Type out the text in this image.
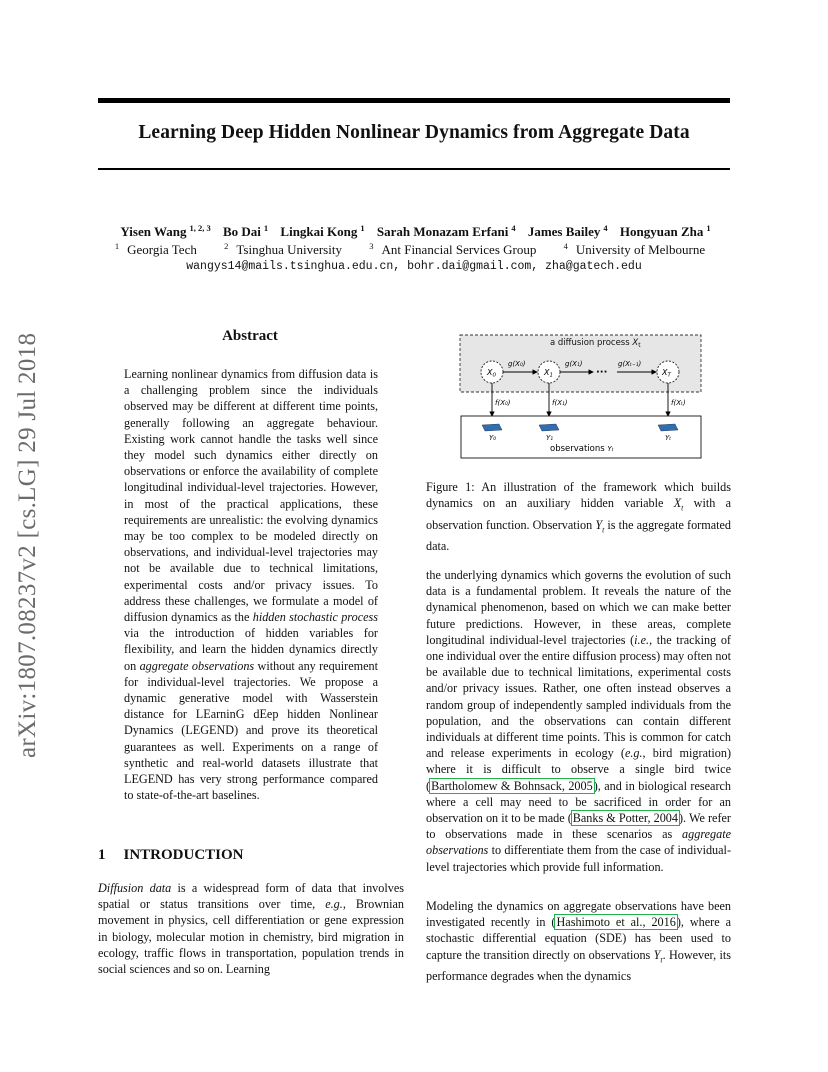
Learning Deep Hidden Nonlinear Dynamics from Aggregate Data
Yisen Wang $^{1, 2, 3}$ Bo Dai $^1$ Lingkai Kong $^1$ Sarah Monazam Erfani $^4$ James Bailey $^4$ Hongyuan Zha $^1$
$^1$ Georgia Tech	$^2$ Tsinghua University	$^3$ Ant Financial Services Group	$^4$ University of Melbourne
wangys14@mails.tsinghua.edu.cn, bohr.dai@gmail.com, zha@gatech.edu
arXiv:1807.08237v2 [cs.LG] 29 Jul 2018	Abstract

Learning nonlinear dynamics from diffusion data is a challenging problem since the individuals observed may be different at different time points, generally following an aggregate behaviour. Existing work cannot handle the tasks well since they model such dynamics either directly on observations or enforce the availability of complete longitudinal individual-level trajectories. However, in most of the practical applications, these requirements are unrealistic: the evolving dynamics may be too complex to be modeled directly on observations, and individual-level trajectories may not be available due to technical limitations, experimental costs and/or privacy issues. To address these challenges, we formulate a model of diffusion dynamics as the hidden stochastic process via the introduction of hidden variables for flexibility, and learn the hidden dynamics directly on aggregate observations without any requirement for individual-level trajectories. We propose a dynamic generative model with Wasserstein distance for LEarninG dEep hidden Nonlinear Dynamics (LEGEND) and prove its theoretical guarantees as well. Experiments on a range of synthetic and real-world datasets illustrate that LEGEND has very strong performance compared to state-of-the-art baselines.

1 INTRODUCTION

Diffusion data is a widespread form of data that involves spatial or status transitions over time, e.g., Brownian movement in physics, cell differentiation or gene expression in biology, molecular motion in chemistry, bird migration in ecology, traffic flows in transportation, population trends in social sciences and so on. Learning

a diffusion process $X_t$
X0	X1	XT
g(X₀)	g(X₁)
···
g(Xₜ₋₁)
f(X₀)	f(X₁)	f(Xₜ)
Y₀	Y₁	Yₜ
observations Yₜ

Figure 1: An illustration of the framework which builds dynamics on an auxiliary hidden variable $X_t$ with a observation function. Observation $Y_t$ is the aggregate formated data.

the underlying dynamics which governs the evolution of such data is a fundamental problem. It reveals the nature of the dynamical phenomenon, based on which we can make better future predictions. However, in these areas, complete longitudinal individual-level trajectories (i.e., the tracking of one individual over the entire diffusion process) may often not be available due to technical limitations, experimental costs and/or privacy issues. Rather, one often instead observes a random group of independently sampled individuals from the population, and the observations can contain different individuals at different time points. This is common for catch and release experiments in ecology (e.g., bird migration) where it is difficult to observe a single bird twice (Bartholomew & Bohnsack, 2005), and in biological research where a cell may need to be sacrificed in order for an observation on it to be made (Banks & Potter, 2004). We refer to observations made in these scenarios as aggregate observations to differentiate them from the case of individual-level trajectories which provide full information.

Modeling the dynamics on aggregate observations have been investigated recently in (Hashimoto et al., 2016), where a stochastic differential equation (SDE) has been used to capture the transition directly on observations $Y_t$. However, its performance degrades when the dynamics
